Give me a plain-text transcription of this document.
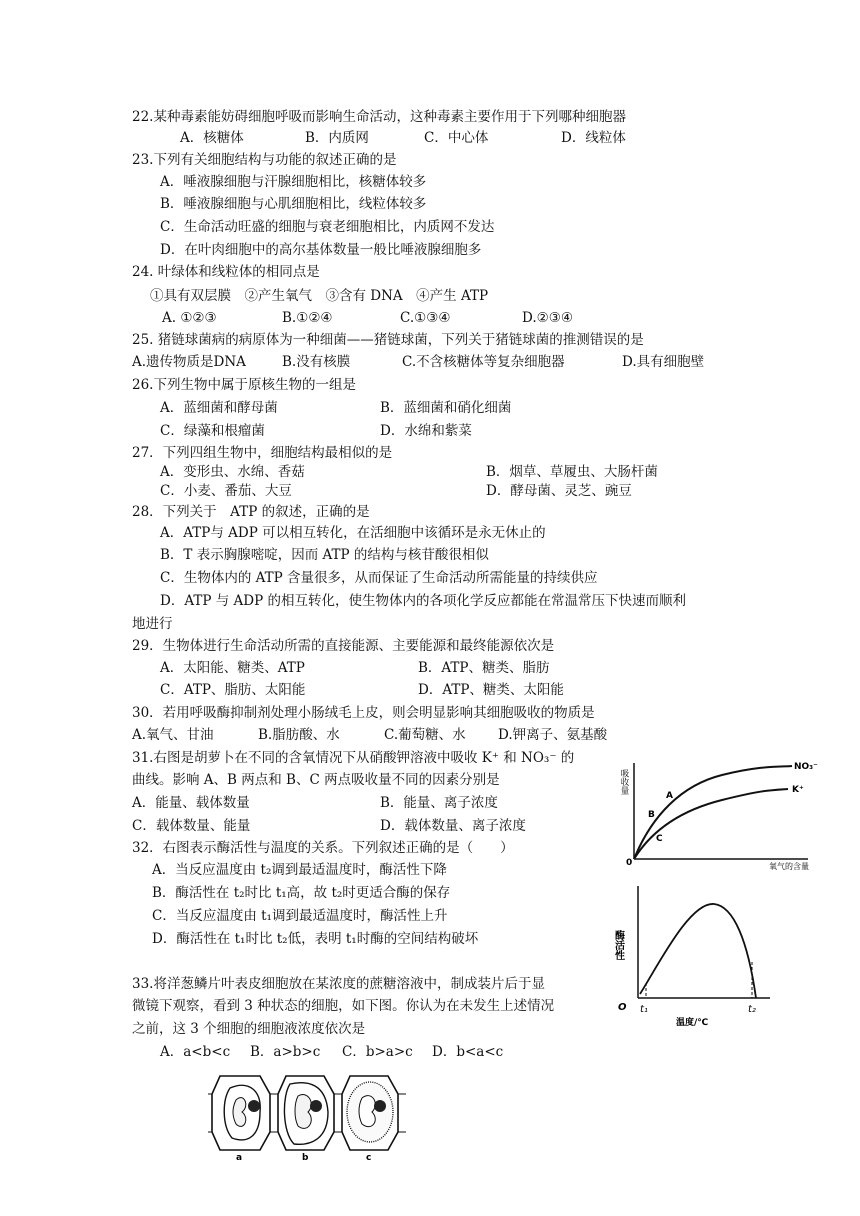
22.某种毒素能妨碍细胞呼吸而影响生命活动，这种毒素主要作用于下列哪种细胞器
A．核糖体	B．内质网	C．中心体	D．线粒体
23.下列有关细胞结构与功能的叙述正确的是
A．唾液腺细胞与汗腺细胞相比，核糖体较多
B．唾液腺细胞与心肌细胞相比，线粒体较多
C．生命活动旺盛的细胞与衰老细胞相比，内质网不发达
D．在叶肉细胞中的高尔基体数量一般比唾液腺细胞多
24. 叶绿体和线粒体的相同点是
①具有双层膜　②产生氧气　③含有 DNA　④产生 ATP
A. ①②③	B.①②④	C.①③④	D.②③④
25. 猪链球菌病的病原体为一种细菌——猪链球菌，下列关于猪链球菌的推测错误的是
A.遗传物质是DNA	B.没有核膜	C.不含核糖体等复杂细胞器	D.具有细胞壁
26.下列生物中属于原核生物的一组是
A．蓝细菌和酵母菌	B．蓝细菌和硝化细菌
C．绿藻和根瘤菌	D．水绵和紫菜
27．下列四组生物中，细胞结构最相似的是
A．变形虫、水绵、香菇	B．烟草、草履虫、大肠杆菌
C．小麦、番茄、大豆	D．酵母菌、灵芝、豌豆
28．下列关于　ATP 的叙述，正确的是
A．ATP与 ADP 可以相互转化，在活细胞中该循环是永无休止的
B．T 表示胸腺嘧啶，因而 ATP 的结构与核苷酸很相似
C．生物体内的 ATP 含量很多，从而保证了生命活动所需能量的持续供应
D．ATP 与 ADP 的相互转化，使生物体内的各项化学反应都能在常温常压下快速而顺利
地进行
29．生物体进行生命活动所需的直接能源、主要能源和最终能源依次是
A．太阳能、糖类、ATP	B．ATP、糖类、脂肪
C．ATP、脂肪、太阳能	D．ATP、糖类、太阳能
30．若用呼吸酶抑制剂处理小肠绒毛上皮，则会明显影响其细胞吸收的物质是
A.氧气、甘油	B.脂肪酸、水	C.葡萄糖、水 D.钾离子、氨基酸
31.右图是胡萝卜在不同的含氧情况下从硝酸钾溶液中吸收 K⁺ 和 NO₃⁻ 的
曲线。影响 A、B 两点和 B、C 两点吸收量不同的因素分别是
A．能量、载体数量	B．能量、离子浓度
C．载体数量、能量	D．载体数量、离子浓度
吸收量
氧气的含量
0
NO₃⁻
K⁺
A
B
C
32．右图表示酶活性与温度的关系。下列叙述正确的是（　　）
A．当反应温度由 t₂调到最适温度时，酶活性下降
B．酶活性在 t₂时比 t₁高，故 t₂时更适合酶的保存
C．当反应温度由 t₁调到最适温度时，酶活性上升
D．酶活性在 t₁时比 t₂低，表明 t₁时酶的空间结构破坏	酶活性
温度/℃
O t₁	t₂
33.将洋葱鳞片叶表皮细胞放在某浓度的蔗糖溶液中，制成装片后于显
微镜下观察，看到 3 种状态的细胞，如下图。你认为在未发生上述情况
之前，这 3 个细胞的细胞液浓度依次是
A．a<b<c B．a>b>c C．b>a>c D．b<a<c
a	b	c
